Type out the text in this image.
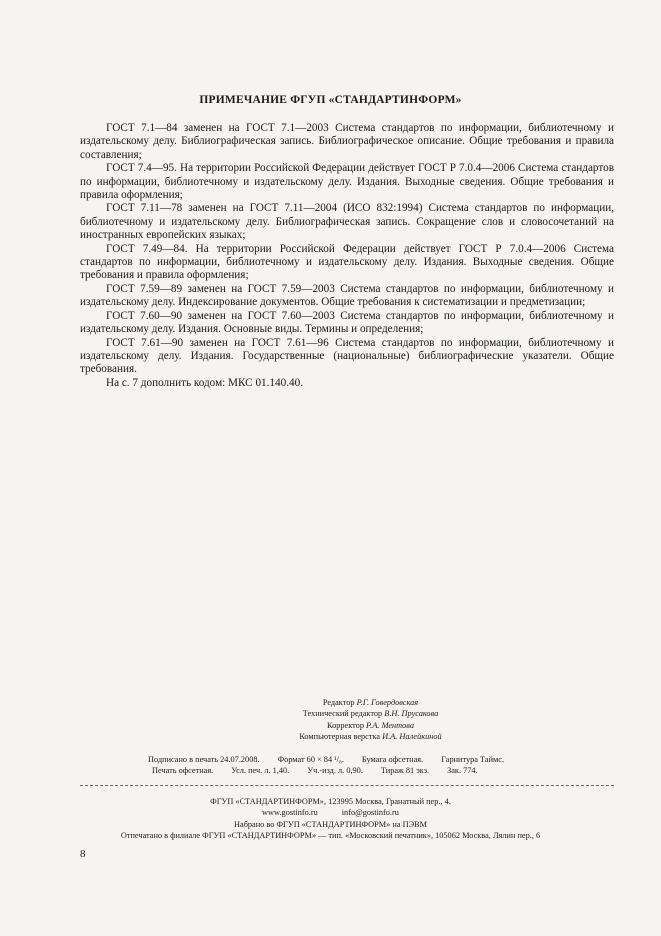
ПРИМЕЧАНИЕ ФГУП «СТАНДАРТИНФОРМ»

ГОСТ 7.1—84 заменен на ГОСТ 7.1—2003 Система стандартов по информации, библиотечному и издательскому делу. Библиографическая запись. Библиографическое описание. Общие требования и правила составления;

ГОСТ 7.4—95. На территории Российской Федерации действует ГОСТ Р 7.0.4—2006 Система стандартов по информации, библиотечному и издательскому делу. Издания. Выходные сведения. Общие требования и правила оформления;

ГОСТ 7.11—78 заменен на ГОСТ 7.11—2004 (ИСО 832:1994) Система стандартов по информации, библиотечному и издательскому делу. Библиографическая запись. Сокращение слов и словосочетаний на иностранных европейских языках;

ГОСТ 7.49—84. На территории Российской Федерации действует ГОСТ Р 7.0.4—2006 Система стандартов по информации, библиотечному и издательскому делу. Издания. Выходные сведения. Общие требования и правила оформления;

ГОСТ 7.59—89 заменен на ГОСТ 7.59—2003 Система стандартов по информации, библиотечному и издательскому делу. Индексирование документов. Общие требования к систематизации и предметизации;

ГОСТ 7.60—90 заменен на ГОСТ 7.60—2003 Система стандартов по информации, библиотечному и издательскому делу. Издания. Основные виды. Термины и определения;

ГОСТ 7.61—90 заменен на ГОСТ 7.61—96 Система стандартов по информации, библиотечному и издательскому делу. Издания. Государственные (национальные) библиографические указатели. Общие требования.

На с. 7 дополнить кодом: МКС 01.140.40.

Редактор Р.Г. Говердовская
Технический редактор В.Н. Прусакова
Корректор Р.А. Ментова
Компьютерная верстка И.А. Налейкиной
Подписано в печать 24.07.2008. Формат 60 × 84 ¹/₈. Бумага офсетная. Гарнитура Таймс.
Печать офсетная. Усл. печ. л. 1,40. Уч.-изд. л. 0,90. Тираж 81 экз. Зак. 774.
ФГУП «СТАНДАРТИНФОРМ», 123995 Москва, Гранатный пер., 4.
www.gostinfo.ru	info@gostinfo.ru
Набрано во ФГУП «СТАНДАРТИНФОРМ» на ПЭВМ
Отпечатано в филиале ФГУП «СТАНДАРТИНФОРМ» — тип. «Московский печатник», 105062 Москва, Лялин пер., 6
8
